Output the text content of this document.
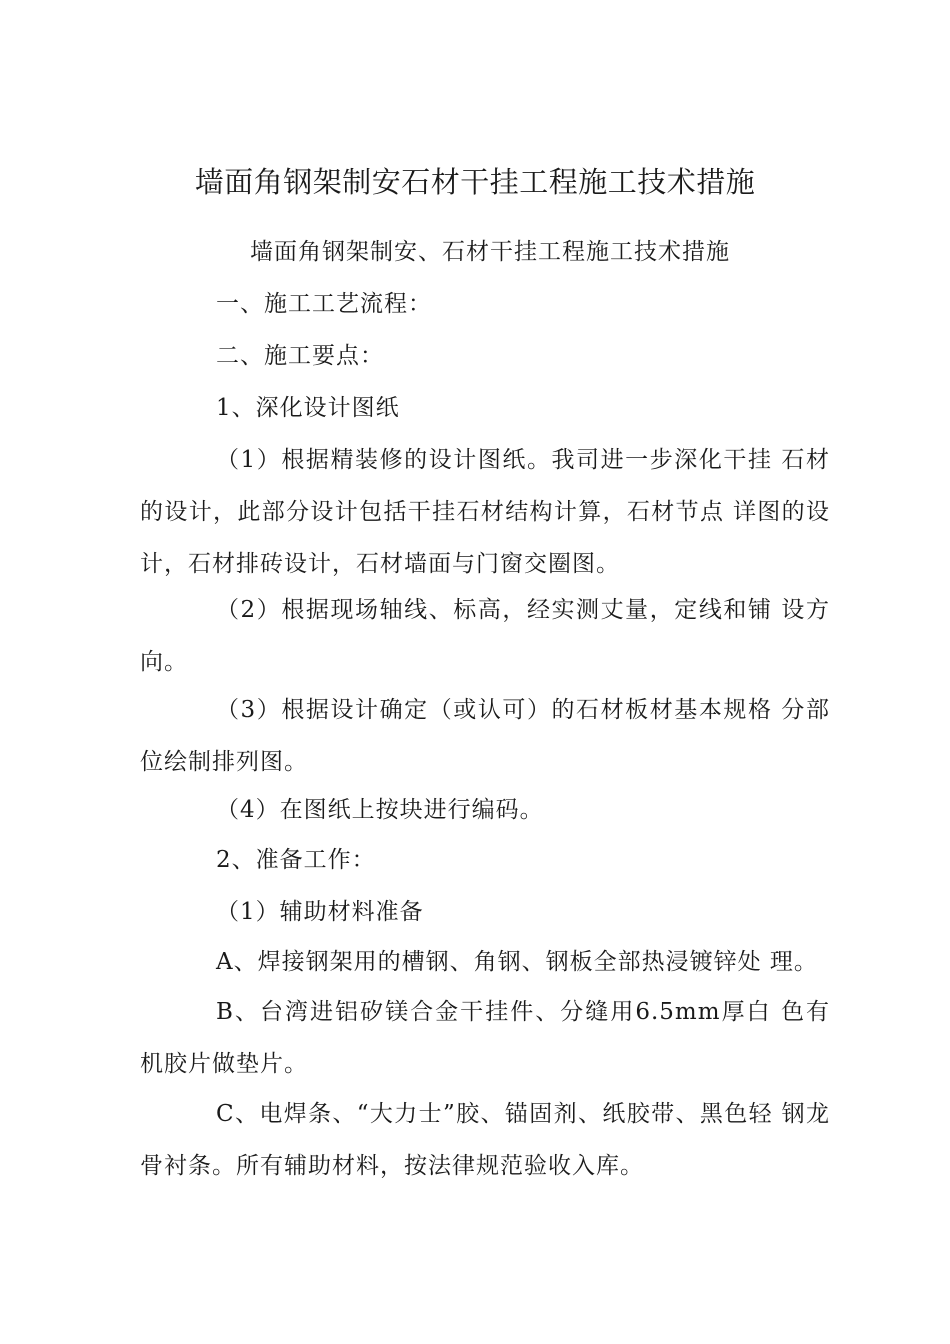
墙面角钢架制安石材干挂工程施工技术措施
墙面角钢架制安、石材干挂工程施工技术措施
一、施工工艺流程：
二、施工要点：
1、深化设计图纸
（1）根据精装修的设计图纸。我司进一步深化干挂 石材的设计，此部分设计包括干挂石材结构计算，石材节点 详图的设计，石材排砖设计，石材墙面与门窗交圈图。
（2）根据现场轴线、标高，经实测丈量，定线和铺 设方向。
（3）根据设计确定（或认可）的石材板材基本规格 分部位绘制排列图。
（4）在图纸上按块进行编码。
2、准备工作：
（1）辅助材料准备
A、焊接钢架用的槽钢、角钢、钢板全部热浸镀锌处 理。
B、台湾进铝矽镁合金干挂件、分缝用6.5mm厚白 色有机胶片做垫片。
C、电焊条、“大力士”胶、锚固剂、纸胶带、黑色轻 钢龙骨衬条。所有辅助材料，按法律规范验收入库。
